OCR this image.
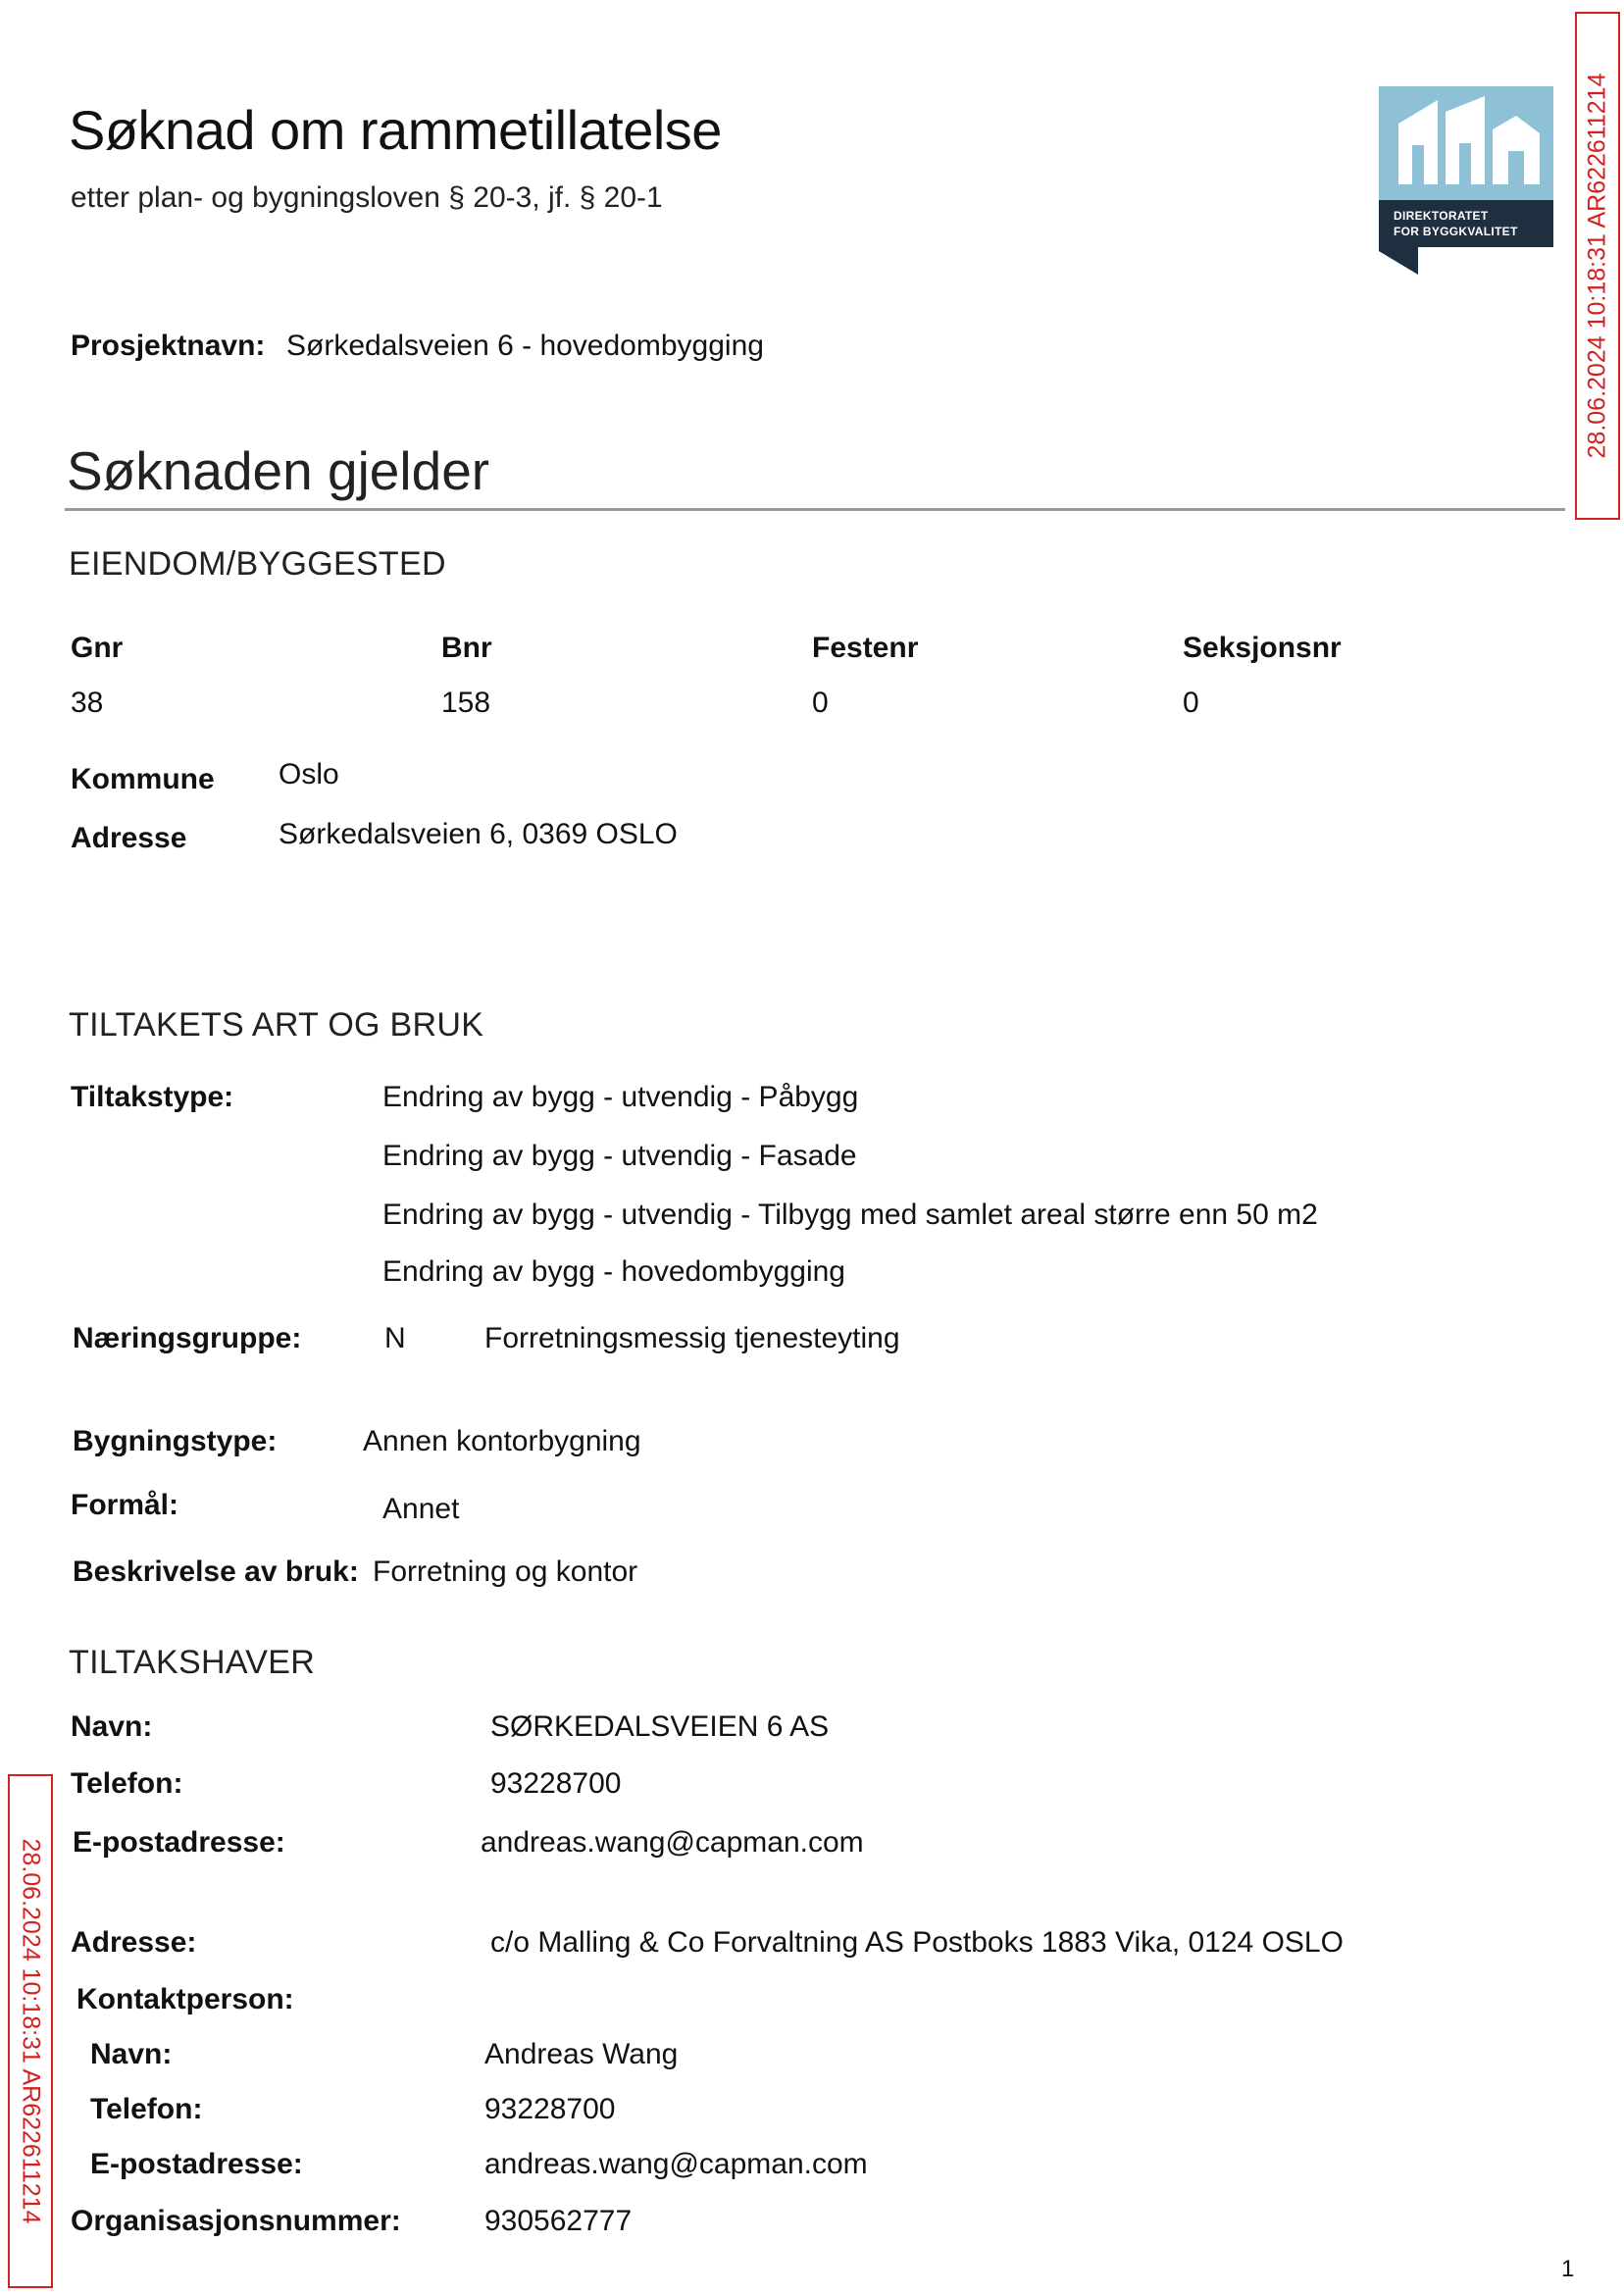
Søknad om rammetillatelse
etter plan- og bygningsloven § 20-3, jf. § 20-1
Prosjektnavn: Sørkedalsveien 6 - hovedombygging
DIREKTORATET
FOR BYGGKVALITET	28.06.2024 10:18:31 AR622611214
28.06.2024 10:18:31 AR622611214
Søknaden gjelder
EIENDOM/BYGGESTED
Gnr	Bnr	Festenr	Seksjonsnr
38	158	0	0
Kommune Oslo
Adresse	Sørkedalsveien 6, 0369 OSLO
TILTAKETS ART OG BRUK
Tiltakstype:	Endring av bygg - utvendig - Påbygg
Endring av bygg - utvendig - Fasade
Endring av bygg - utvendig - Tilbygg med samlet areal større enn 50 m2
Endring av bygg - hovedombygging
Næringsgruppe:	N	Forretningsmessig tjenesteyting
Bygningstype:	Annen kontorbygning
Formål:	Annet
Beskrivelse av bruk: Forretning og kontor
TILTAKSHAVER
Navn:	SØRKEDALSVEIEN 6 AS
Telefon:	93228700
E-postadresse:	andreas.wang@capman.com
Adresse:	c/o Malling & Co Forvaltning AS Postboks 1883 Vika, 0124 OSLO
Kontaktperson:
Navn:	Andreas Wang
Telefon:	93228700
E-postadresse:	andreas.wang@capman.com
Organisasjonsnummer:	930562777
1
